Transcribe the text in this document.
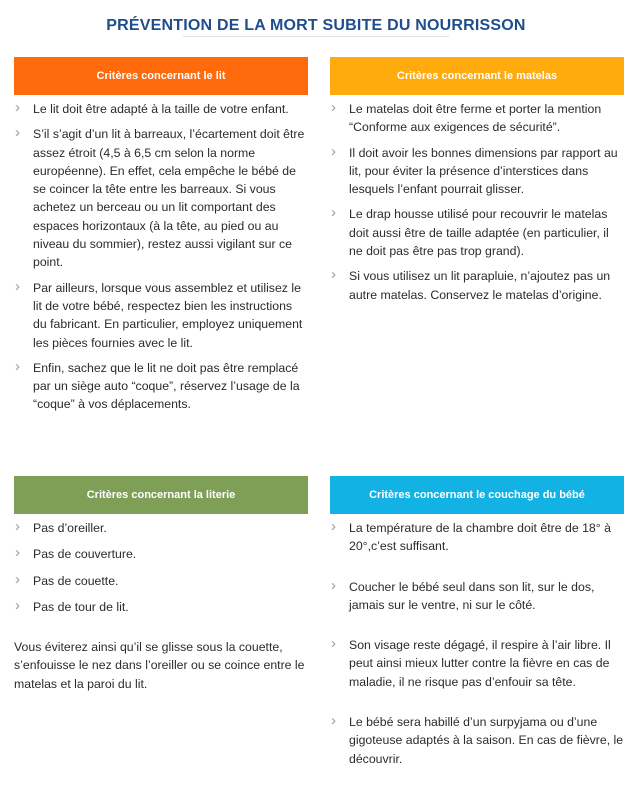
PRÉVENTION DE LA MORT SUBITE DU NOURRISSON
Critères concernant le lit
› Le lit doit être adapté à la taille de votre enfant.
› S’il s’agit d’un lit à barreaux, l’écartement doit être assez étroit (4,5 à 6,5 cm selon la norme européenne). En effet, cela empêche le bébé de se coincer la tête entre les barreaux. Si vous achetez un berceau ou un lit comportant des espaces horizontaux (à la tête, au pied ou au niveau du sommier), restez aussi vigilant sur ce point.
› Par ailleurs, lorsque vous assemblez et utilisez le lit de votre bébé, respectez bien les instructions du fabricant. En particulier, employez uniquement les pièces fournies avec le lit.
› Enfin, sachez que le lit ne doit pas être remplacé par un siège auto “coque”, réservez l’usage de la “coque” à vos déplacements.
Critères concernant le matelas
› Le matelas doit être ferme et porter la mention “Conforme aux exigences de sécurité”.
› Il doit avoir les bonnes dimensions par rapport au lit, pour éviter la présence d’interstices dans lesquels l’enfant pourrait glisser.
› Le drap housse utilisé pour recouvrir le matelas doit aussi être de taille adaptée (en particulier, il ne doit pas être pas trop grand).
› Si vous utilisez un lit parapluie, n’ajoutez pas un autre matelas. Conservez le matelas d’origine.
Critères concernant la literie
› Pas d’oreiller.
› Pas de couverture.
› Pas de couette.
› Pas de tour de lit.

Vous éviterez ainsi qu’il se glisse sous la couette, s’enfouisse le nez dans l’oreiller ou se coince entre le matelas et la paroi du lit.

Critères concernant le couchage du bébé
› La température de la chambre doit être de 18° à 20°,c’est suffisant.
› Coucher le bébé seul dans son lit, sur le dos, jamais sur le ventre, ni sur le côté.
› Son visage reste dégagé, il respire à l’air libre. Il peut ainsi mieux lutter contre la fièvre en cas de maladie, il ne risque pas d’enfouir sa tête.
› Le bébé sera habillé d’un surpyjama ou d’une gigoteuse adaptés à la saison. En cas de fièvre, le découvrir.
